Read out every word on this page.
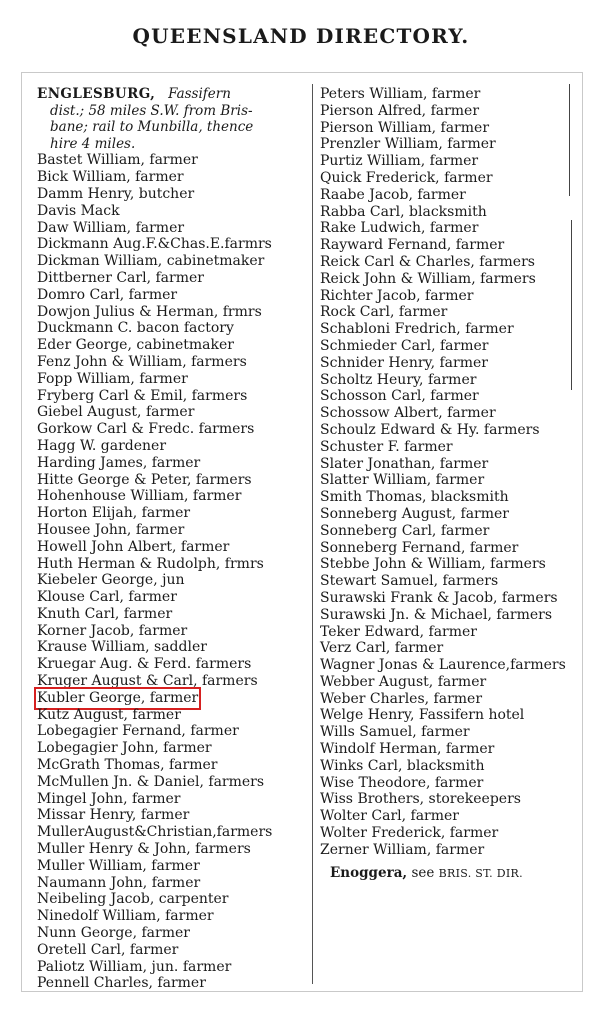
QUEENSLAND DIRECTORY.
ENGLESBURG, Fassifern
dist.; 58 miles S.W. from Bris-
bane; rail to Munbilla, thence
hire 4 miles.
Bastet William, farmer
Bick William, farmer
Damm Henry, butcher
Davis Mack
Daw William, farmer
Dickmann Aug.F.&Chas.E.farmrs
Dickman William, cabinetmaker
Dittberner Carl, farmer
Domro Carl, farmer
Dowjon Julius & Herman, frmrs
Duckmann C. bacon factory
Eder George, cabinetmaker
Fenz John & William, farmers
Fopp William, farmer
Fryberg Carl & Emil, farmers
Giebel August, farmer
Gorkow Carl & Fredc. farmers
Hagg W. gardener
Harding James, farmer
Hitte George & Peter, farmers
Hohenhouse William, farmer
Horton Elijah, farmer
Housee John, farmer
Howell John Albert, farmer
Huth Herman & Rudolph, frmrs
Kiebeler George, jun
Klouse Carl, farmer
Knuth Carl, farmer
Korner Jacob, farmer
Krause William, saddler
Kruegar Aug. & Ferd. farmers
Kruger August & Carl, farmers
Kubler George, farmer
Kutz August, farmer
Lobegagier Fernand, farmer
Lobegagier John, farmer
McGrath Thomas, farmer
McMullen Jn. & Daniel, farmers
Mingel John, farmer
Missar Henry, farmer
MullerAugust&Christian,farmers
Muller Henry & John, farmers
Muller William, farmer
Naumann John, farmer
Neibeling Jacob, carpenter
Ninedolf William, farmer
Nunn George, farmer
Oretell Carl, farmer
Paliotz William, jun. farmer
Pennell Charles, farmer
Peters William, farmer
Pierson Alfred, farmer
Pierson William, farmer
Prenzler William, farmer
Purtiz William, farmer
Quick Frederick, farmer
Raabe Jacob, farmer
Rabba Carl, blacksmith
Rake Ludwich, farmer
Rayward Fernand, farmer
Reick Carl & Charles, farmers
Reick John & William, farmers
Richter Jacob, farmer
Rock Carl, farmer
Schabloni Fredrich, farmer
Schmieder Carl, farmer
Schnider Henry, farmer
Scholtz Heury, farmer
Schosson Carl, farmer
Schossow Albert, farmer
Schoulz Edward & Hy. farmers
Schuster F. farmer
Slater Jonathan, farmer
Slatter William, farmer
Smith Thomas, blacksmith
Sonneberg August, farmer
Sonneberg Carl, farmer
Sonneberg Fernand, farmer
Stebbe John & William, farmers
Stewart Samuel, farmers
Surawski Frank & Jacob, farmers
Surawski Jn. & Michael, farmers
Teker Edward, farmer
Verz Carl, farmer
Wagner Jonas & Laurence,farmers
Webber August, farmer
Weber Charles, farmer
Welge Henry, Fassifern hotel
Wills Samuel, farmer
Windolf Herman, farmer
Winks Carl, blacksmith
Wise Theodore, farmer
Wiss Brothers, storekeepers
Wolter Carl, farmer
Wolter Frederick, farmer
Zerner William, farmer
Enoggera, see BRIS. ST. DIR.
